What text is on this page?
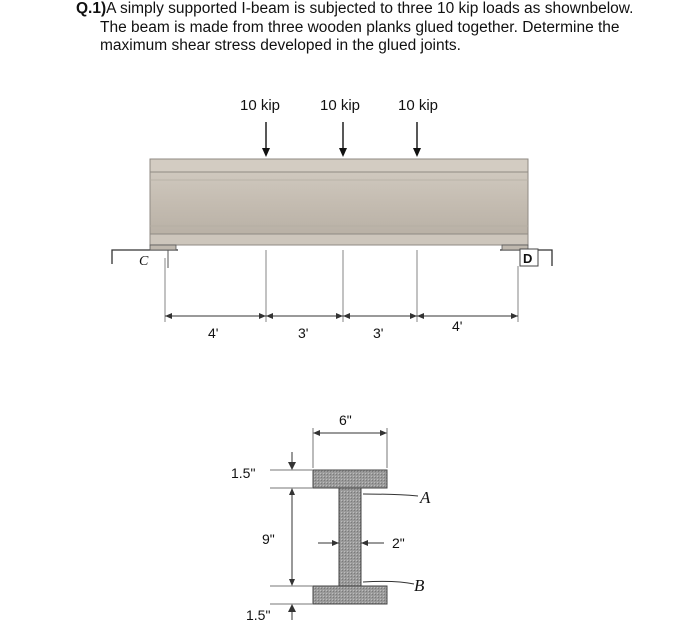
Q.1)A simply supported I-beam is subjected to three 10 kip loads as shownbelow.
The beam is made from three wooden planks glued together. Determine the
maximum shear stress developed in the glued joints.
10 kip	10 kip	10 kip
C	D
4'	3'	3'	4'
6"
1.5"
9"
1.5"
2"
A
B
